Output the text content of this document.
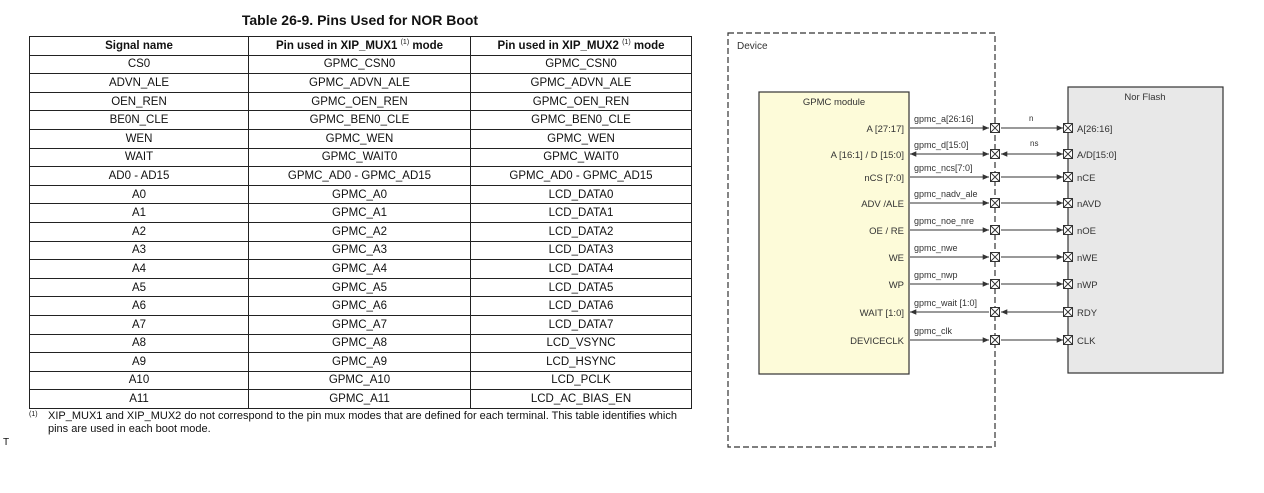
Table 26-9. Pins Used for NOR Boot
Signal name	Pin used in XIP_MUX1 $^{(1)}$ mode	Pin used in XIP_MUX2 $^{(1)}$ mode
CS0	GPMC_CSN0	GPMC_CSN0
ADVN_ALE	GPMC_ADVN_ALE	GPMC_ADVN_ALE
OEN_REN	GPMC_OEN_REN	GPMC_OEN_REN
BE0N_CLE	GPMC_BEN0_CLE	GPMC_BEN0_CLE
WEN	GPMC_WEN	GPMC_WEN
WAIT	GPMC_WAIT0	GPMC_WAIT0
AD0 - AD15	GPMC_AD0 - GPMC_AD15	GPMC_AD0 - GPMC_AD15
A0	GPMC_A0	LCD_DATA0
A1	GPMC_A1	LCD_DATA1
A2	GPMC_A2	LCD_DATA2
A3	GPMC_A3	LCD_DATA3
A4	GPMC_A4	LCD_DATA4
A5	GPMC_A5	LCD_DATA5
A6	GPMC_A6	LCD_DATA6
A7	GPMC_A7	LCD_DATA7
A8	GPMC_A8	LCD_VSYNC
A9	GPMC_A9	LCD_HSYNC
A10	GPMC_A10	LCD_PCLK
A11	GPMC_A11	LCD_AC_BIAS_EN
(1) XIP_MUX1 and XIP_MUX2 do not correspond to the pin mux modes that are defined for each terminal. This table identifies which pins are used in each boot mode.
T
Device
GPMC module	Nor Flash
n
ns
A [27:17]
gpmc_a[26:16]
A[26:16]
A [16:1] / D [15:0]
gpmc_d[15:0]
A/D[15:0]
nCS [7:0]
gpmc_ncs[7:0]
nCE
ADV /ALE
gpmc_nadv_ale
nAVD
OE / RE
gpmc_noe_nre
nOE
WE
gpmc_nwe
nWE
WP
gpmc_nwp
nWP
WAIT [1:0]
gpmc_wait [1:0]
RDY
DEVICECLK
gpmc_clk
CLK
